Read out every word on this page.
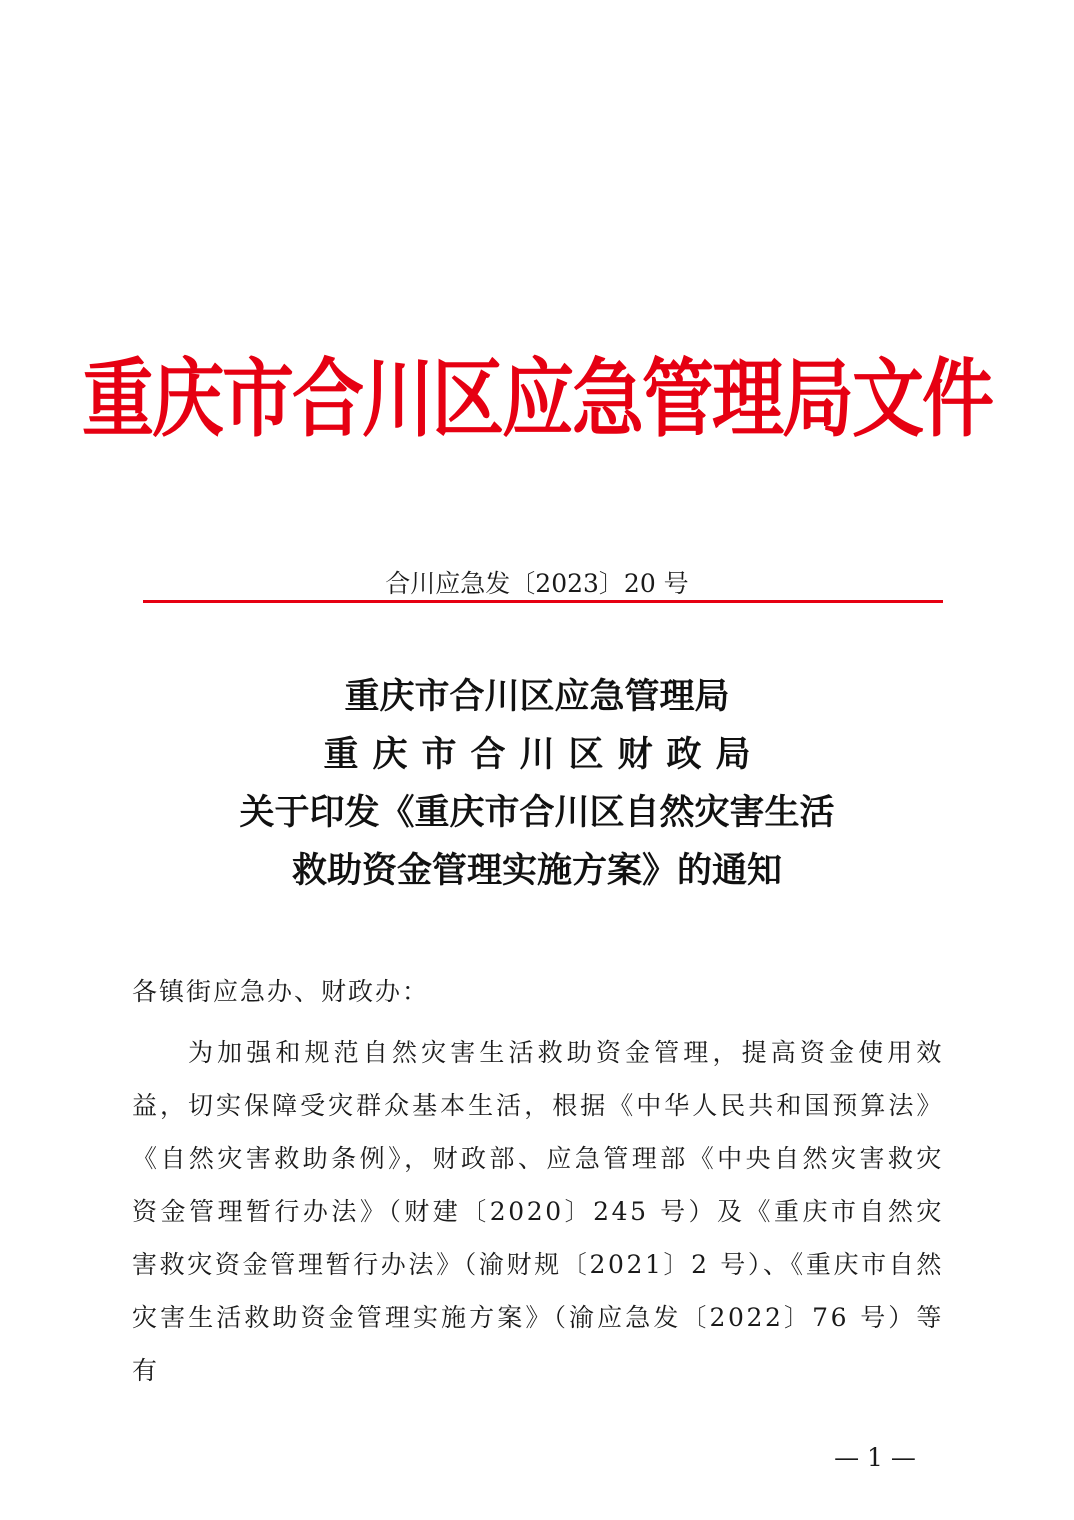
重庆市合川区应急管理局文件
合川应急发〔2023〕20 号
重庆市合川区应急管理局
重庆市合川区财政局
关于印发《重庆市合川区自然灾害生活
救助资金管理实施方案》的通知
各镇街应急办、财政办：
为加强和规范自然灾害生活救助资金管理，提高资金使用效益，切实保障受灾群众基本生活，根据《中华人民共和国预算法》《自然灾害救助条例》，财政部、应急管理部《中央自然灾害救灾资金管理暂行办法》（财建〔2020〕245 号）及《重庆市自然灾害救灾资金管理暂行办法》（渝财规〔2021〕2 号）、《重庆市自然灾害生活救助资金管理实施方案》（渝应急发〔2022〕76 号）等有
— 1 —
